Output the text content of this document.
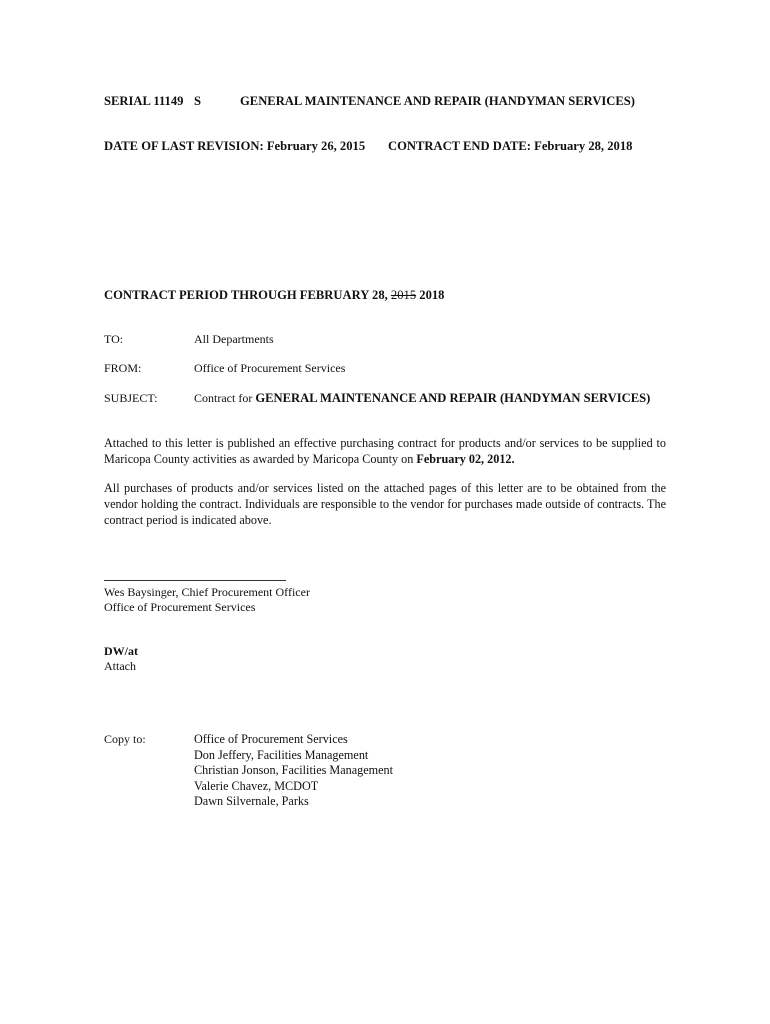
SERIAL 11149 S	GENERAL MAINTENANCE AND REPAIR (HANDYMAN SERVICES)
DATE OF LAST REVISION: February 26, 2015 CONTRACT END DATE: February 28, 2018
CONTRACT PERIOD THROUGH FEBRUARY 28, 2015 2018
TO:	All Departments
FROM:	Office of Procurement Services
SUBJECT:	Contract for GENERAL MAINTENANCE AND REPAIR (HANDYMAN SERVICES)
Attached to this letter is published an effective purchasing contract for products and/or services to be supplied to Maricopa County activities as awarded by Maricopa County on February 02, 2012.
All purchases of products and/or services listed on the attached pages of this letter are to be obtained from the vendor holding the contract. Individuals are responsible to the vendor for purchases made outside of contracts. The contract period is indicated above.
Wes Baysinger, Chief Procurement Officer
Office of Procurement Services
DW/at
Attach
Copy to:	Office of Procurement Services
Don Jeffery, Facilities Management
Christian Jonson, Facilities Management
Valerie Chavez, MCDOT
Dawn Silvernale, Parks
